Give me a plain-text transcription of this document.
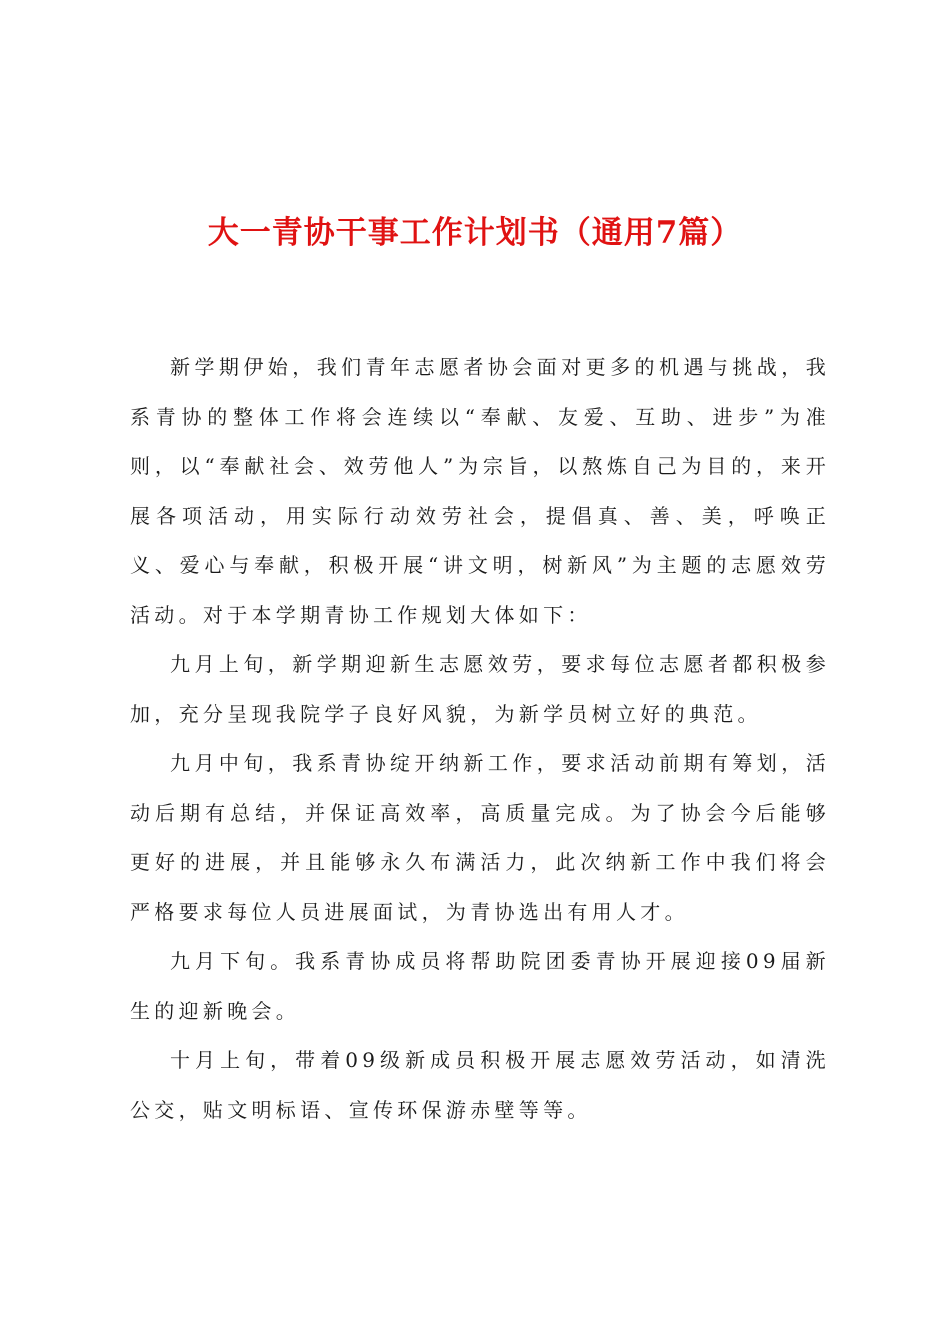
大一青协干事工作计划书（通用7篇）

新学期伊始，我们青年志愿者协会面对更多的机遇与挑战，我系青协的整体工作将会连续以“奉献、友爱、互助、进步”为准则，以“奉献社会、效劳他人”为宗旨，以熬炼自己为目的，来开展各项活动，用实际行动效劳社会，提倡真、善、美，呼唤正义、爱心与奉献，积极开展“讲文明，树新风”为主题的志愿效劳活动。对于本学期青协工作规划大体如下：

九月上旬，新学期迎新生志愿效劳，要求每位志愿者都积极参加，充分呈现我院学子良好风貌，为新学员树立好的典范。

九月中旬，我系青协绽开纳新工作，要求活动前期有筹划，活动后期有总结，并保证高效率，高质量完成。为了协会今后能够更好的进展，并且能够永久布满活力，此次纳新工作中我们将会严格要求每位人员进展面试，为青协选出有用人才。

九月下旬。我系青协成员将帮助院团委青协开展迎接09届新生的迎新晚会。

十月上旬，带着09级新成员积极开展志愿效劳活动，如清洗公交，贴文明标语、宣传环保游赤壁等等。
